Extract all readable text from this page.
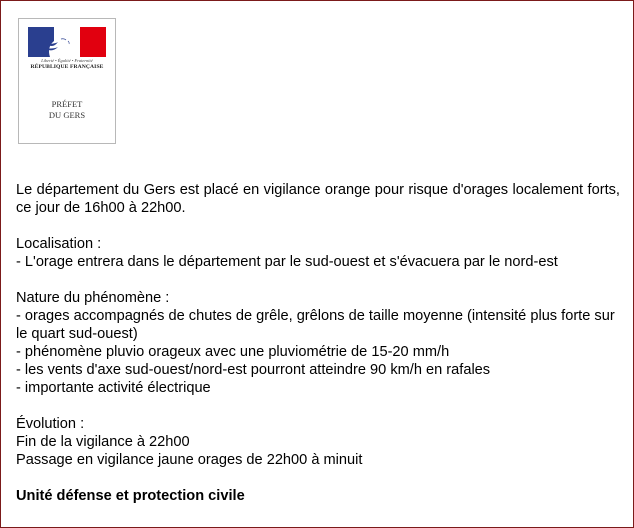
Liberté • Égalité • Fraternité
RÉPUBLIQUE FRANÇAISE
PRÉFET
DU GERS

Le département du Gers est placé en vigilance orange pour risque d'orages localement forts, ce jour de 16h00 à 22h00.

Localisation :

- L'orage entrera dans le département par le sud-ouest et s'évacuera par le nord-est

Nature du phénomène :

- orages accompagnés de chutes de grêle, grêlons de taille moyenne (intensité plus forte sur le quart sud-ouest)

- phénomène pluvio orageux avec une pluviométrie de 15-20 mm/h

- les vents d'axe sud-ouest/nord-est pourront atteindre 90 km/h en rafales

- importante activité électrique

Évolution :

Fin de la vigilance à 22h00

Passage en vigilance jaune orages de 22h00 à minuit

Unité défense et protection civile
